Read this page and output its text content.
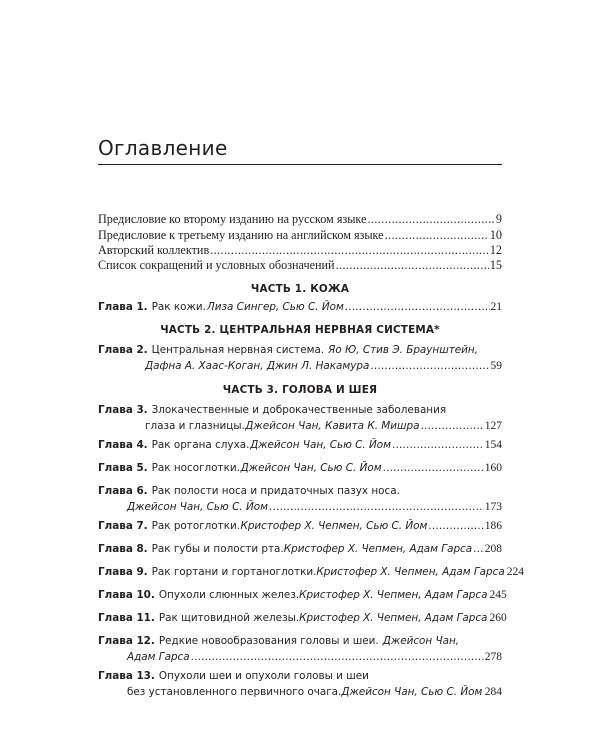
Оглавление
Предисловие ко второму изданию на русском языке .....	9
Предисловие к третьему изданию на английском языке .....	10
Авторский коллектив .....	12
Список сокращений и условных обозначений .....	15
ЧАСТЬ 1. КОЖА
Глава 1. Рак кожи. Лиза Сингер, Сью С. Йом .....	21
ЧАСТЬ 2. ЦЕНТРАЛЬНАЯ НЕРВНАЯ СИСТЕМА*
Глава 2. Центральная нервная система. Яо Ю, Стив Э. Браунштейн,
Дафна А. Хаас-Коган, Джин Л. Накамура .....	59
ЧАСТЬ 3. ГОЛОВА И ШЕЯ
Глава 3. Злокачественные и доброкачественные заболевания
глаза и глазницы. Джейсон Чан, Кавита К. Мишра .....	127
Глава 4. Рак органа слуха. Джейсон Чан, Сью С. Йом .....	154
Глава 5. Рак носоглотки. Джейсон Чан, Сью С. Йом .....	160
Глава 6. Рак полости носа и придаточных пазух носа.
Джейсон Чан, Сью С. Йом .....	173
Глава 7. Рак ротоглотки. Кристофер Х. Чепмен, Сью С. Йом .....	186
Глава 8. Рак губы и полости рта. Кристофер Х. Чепмен, Адам Гарса ..... 208
Глава 9. Рак гортани и гортаноглотки. Кристофер Х. Чепмен, Адам Гарса 224
Глава 10. Опухоли слюнных желез. Кристофер Х. Чепмен, Адам Гарса 245
Глава 11. Рак щитовидной железы. Кристофер Х. Чепмен, Адам Гарса 260
Глава 12. Редкие новообразования головы и шеи. Джейсон Чан,
Адам Гарса .....	278
Глава 13. Опухоли шеи и опухоли головы и шеи
без установленного первичного очага. Джейсон Чан, Сью С. Йом ..... 284
